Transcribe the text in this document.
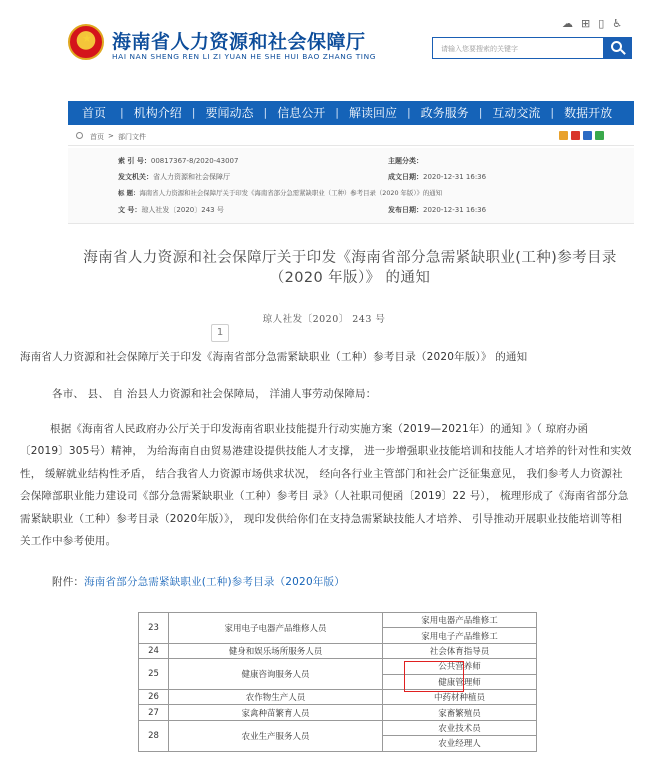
★ 海南省人力资源和社会保障厅
HAI NAN SHENG REN LI ZI YUAN HE SHE HUI BAO ZHANG TING
☁ ⊞ ▯ ♿
请输入您要搜索的关键字
首页	| 机构介绍 | 要闻动态 | 信息公开 | 解读回应 | 政务服务 | 互动交流 | 数据开放
首页 > 部门文件
索 引 号：00817367-8/2020-43007	主题分类：
发文机关：省人力资源和社会保障厅	成文日期：2020-12-31 16:36
标 题：海南省人力资源和社会保障厅关于印发《海南省部分急需紧缺职业（工种）参考目录（2020 年版）》的通知
文 号：琼人社发〔2020〕243 号	发布日期：2020-12-31 16:36
海南省人力资源和社会保障厅关于印发《海南省部分急需紧缺职业(工种)参考目录（2020 年版）》 的通知
琼人社发〔2020〕 243 号
1
海南省人力资源和社会保障厅关于印发《海南省部分急需紧缺职业（工种）参考目录（2020年版）》 的通知
各市、 县、 自 治县人力资源和社会保障局， 洋浦人事劳动保障局：
根据《海南省人民政府办公厅关于印发海南省职业技能提升行动实施方案（2019—2021年）的通知 》（ 琼府办函〔2019〕305号）精神， 为给海南自由贸易港建设提供技能人才支撑， 进一步增强职业技能培训和技能人才培养的针对性和实效性， 缓解就业结构性矛盾， 结合我省人力资源市场供求状况， 经向各行业主管部门和社会广泛征集意见， 我们参考人力资源社会保障部职业能力建设司《部分急需紧缺职业（工种）参考目 录》（人社职司便函〔2019〕22 号）， 梳理形成了《海南省部分急需紧缺职业（工种）参考目录（2020年版）》， 现印发供给你们在支持急需紧缺技能人才培养、 引导推动开展职业技能培训等相关工作中参考使用。
附件：海南省部分急需紧缺职业(工种)参考目录（2020年版）
23	家用电子电器产品维修人员	家用电器产品维修工
		家用电子产品维修工
24	健身和娱乐场所服务人员	社会体育指导员
25	健康咨询服务人员	公共营养师
		健康管理师
26	农作物生产人员	中药材种植员
27	家禽种苗繁育人员	家畜繁殖员
28	农业生产服务人员	农业技术员
		农业经理人
